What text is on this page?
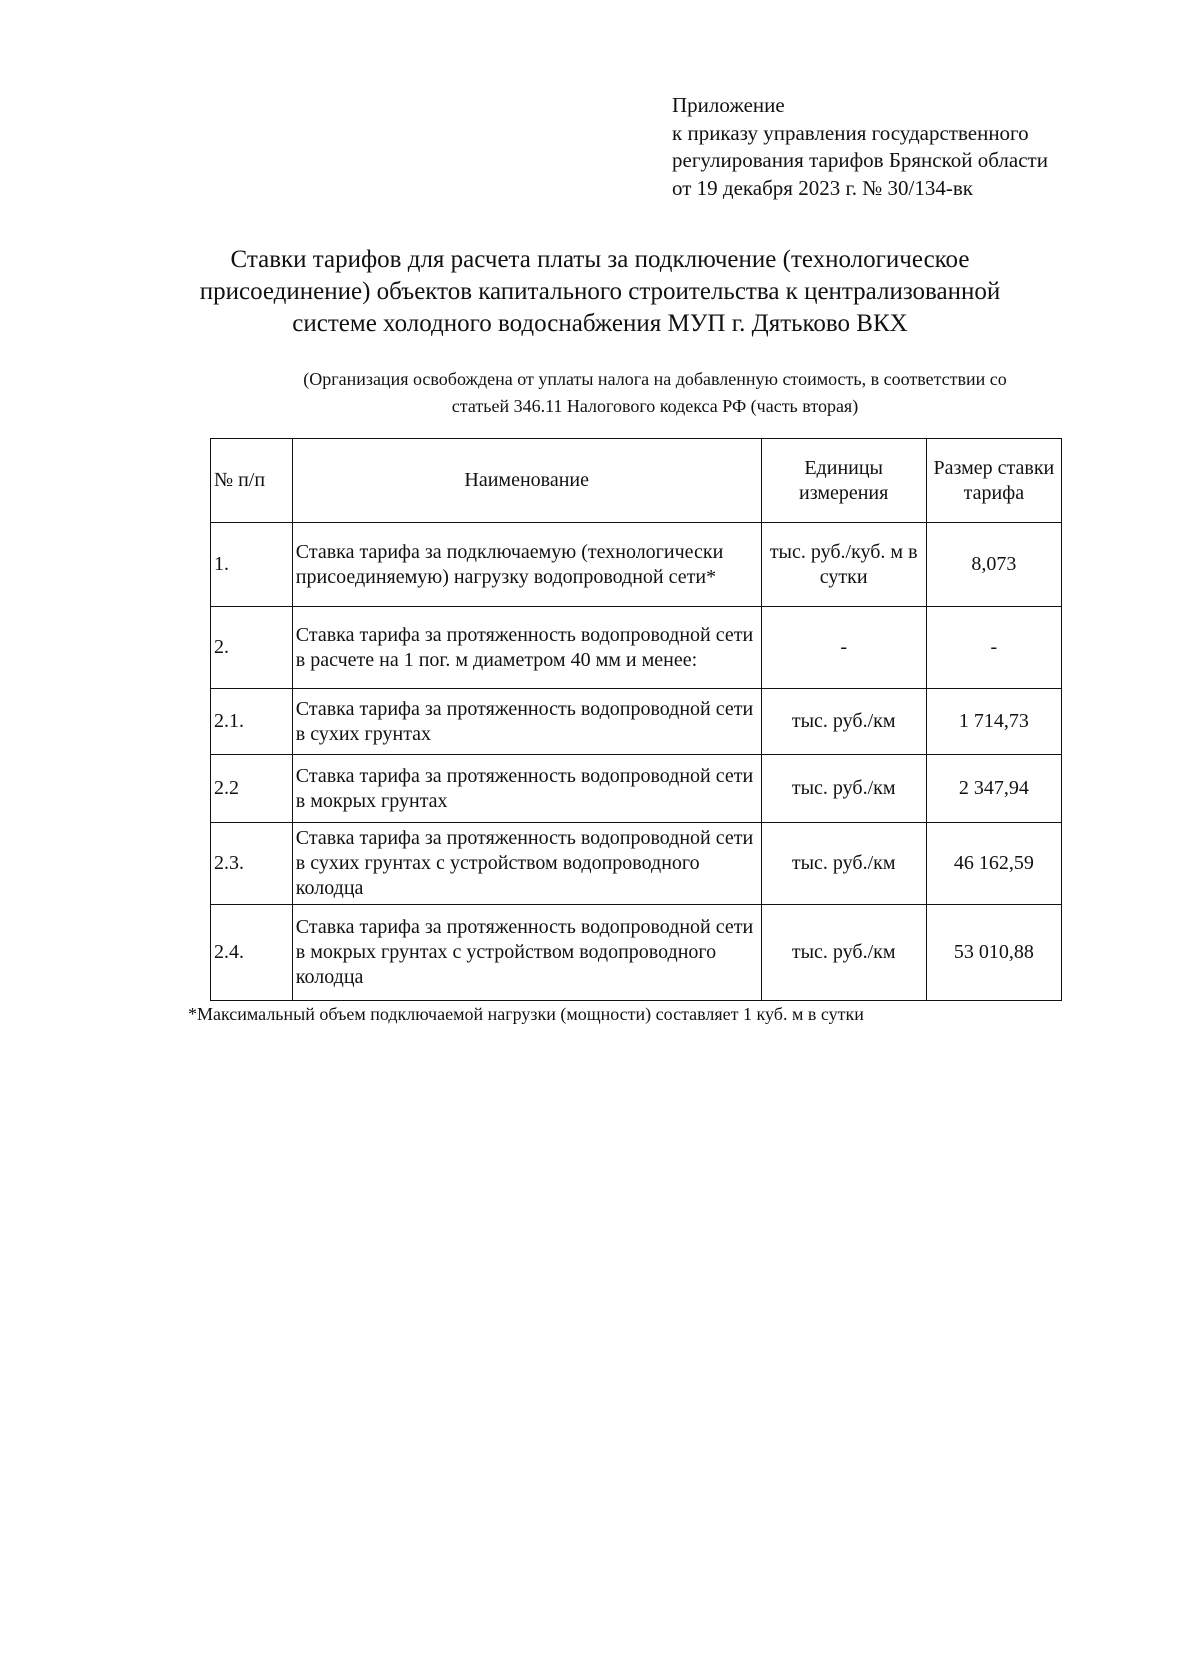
Приложение
к приказу управления государственного
регулирования тарифов Брянской области
от 19 декабря 2023 г. № 30/134-вк
Ставки тарифов для расчета платы за подключение (технологическое
присоединение) объектов капитального строительства к централизованной
системе холодного водоснабжения МУП г. Дятьково ВКХ
(Организация освобождена от уплаты налога на добавленную стоимость, в соответствии со
статьей 346.11 Налогового кодекса РФ (часть вторая)
№ п/п	Наименование	Единицы измерения	Размер ставки тарифа
1.	Ставка тарифа за подключаемую (технологически присоединяемую) нагрузку водопроводной сети*	тыс. руб./куб. м в сутки	8,073
2.	Ставка тарифа за протяженность водопроводной сети в расчете на 1 пог. м диаметром 40 мм и менее:	-	-
2.1.	Ставка тарифа за протяженность водопроводной сети в сухих грунтах	тыс. руб./км	1 714,73
2.2	Ставка тарифа за протяженность водопроводной сети в мокрых грунтах	тыс. руб./км	2 347,94
2.3.	Ставка тарифа за протяженность водопроводной сети в сухих грунтах с устройством водопроводного колодца	тыс. руб./км	46 162,59
2.4.	Ставка тарифа за протяженность водопроводной сети в мокрых грунтах с устройством водопроводного колодца	тыс. руб./км	53 010,88
*Максимальный объем подключаемой нагрузки (мощности) составляет 1 куб. м в сутки
